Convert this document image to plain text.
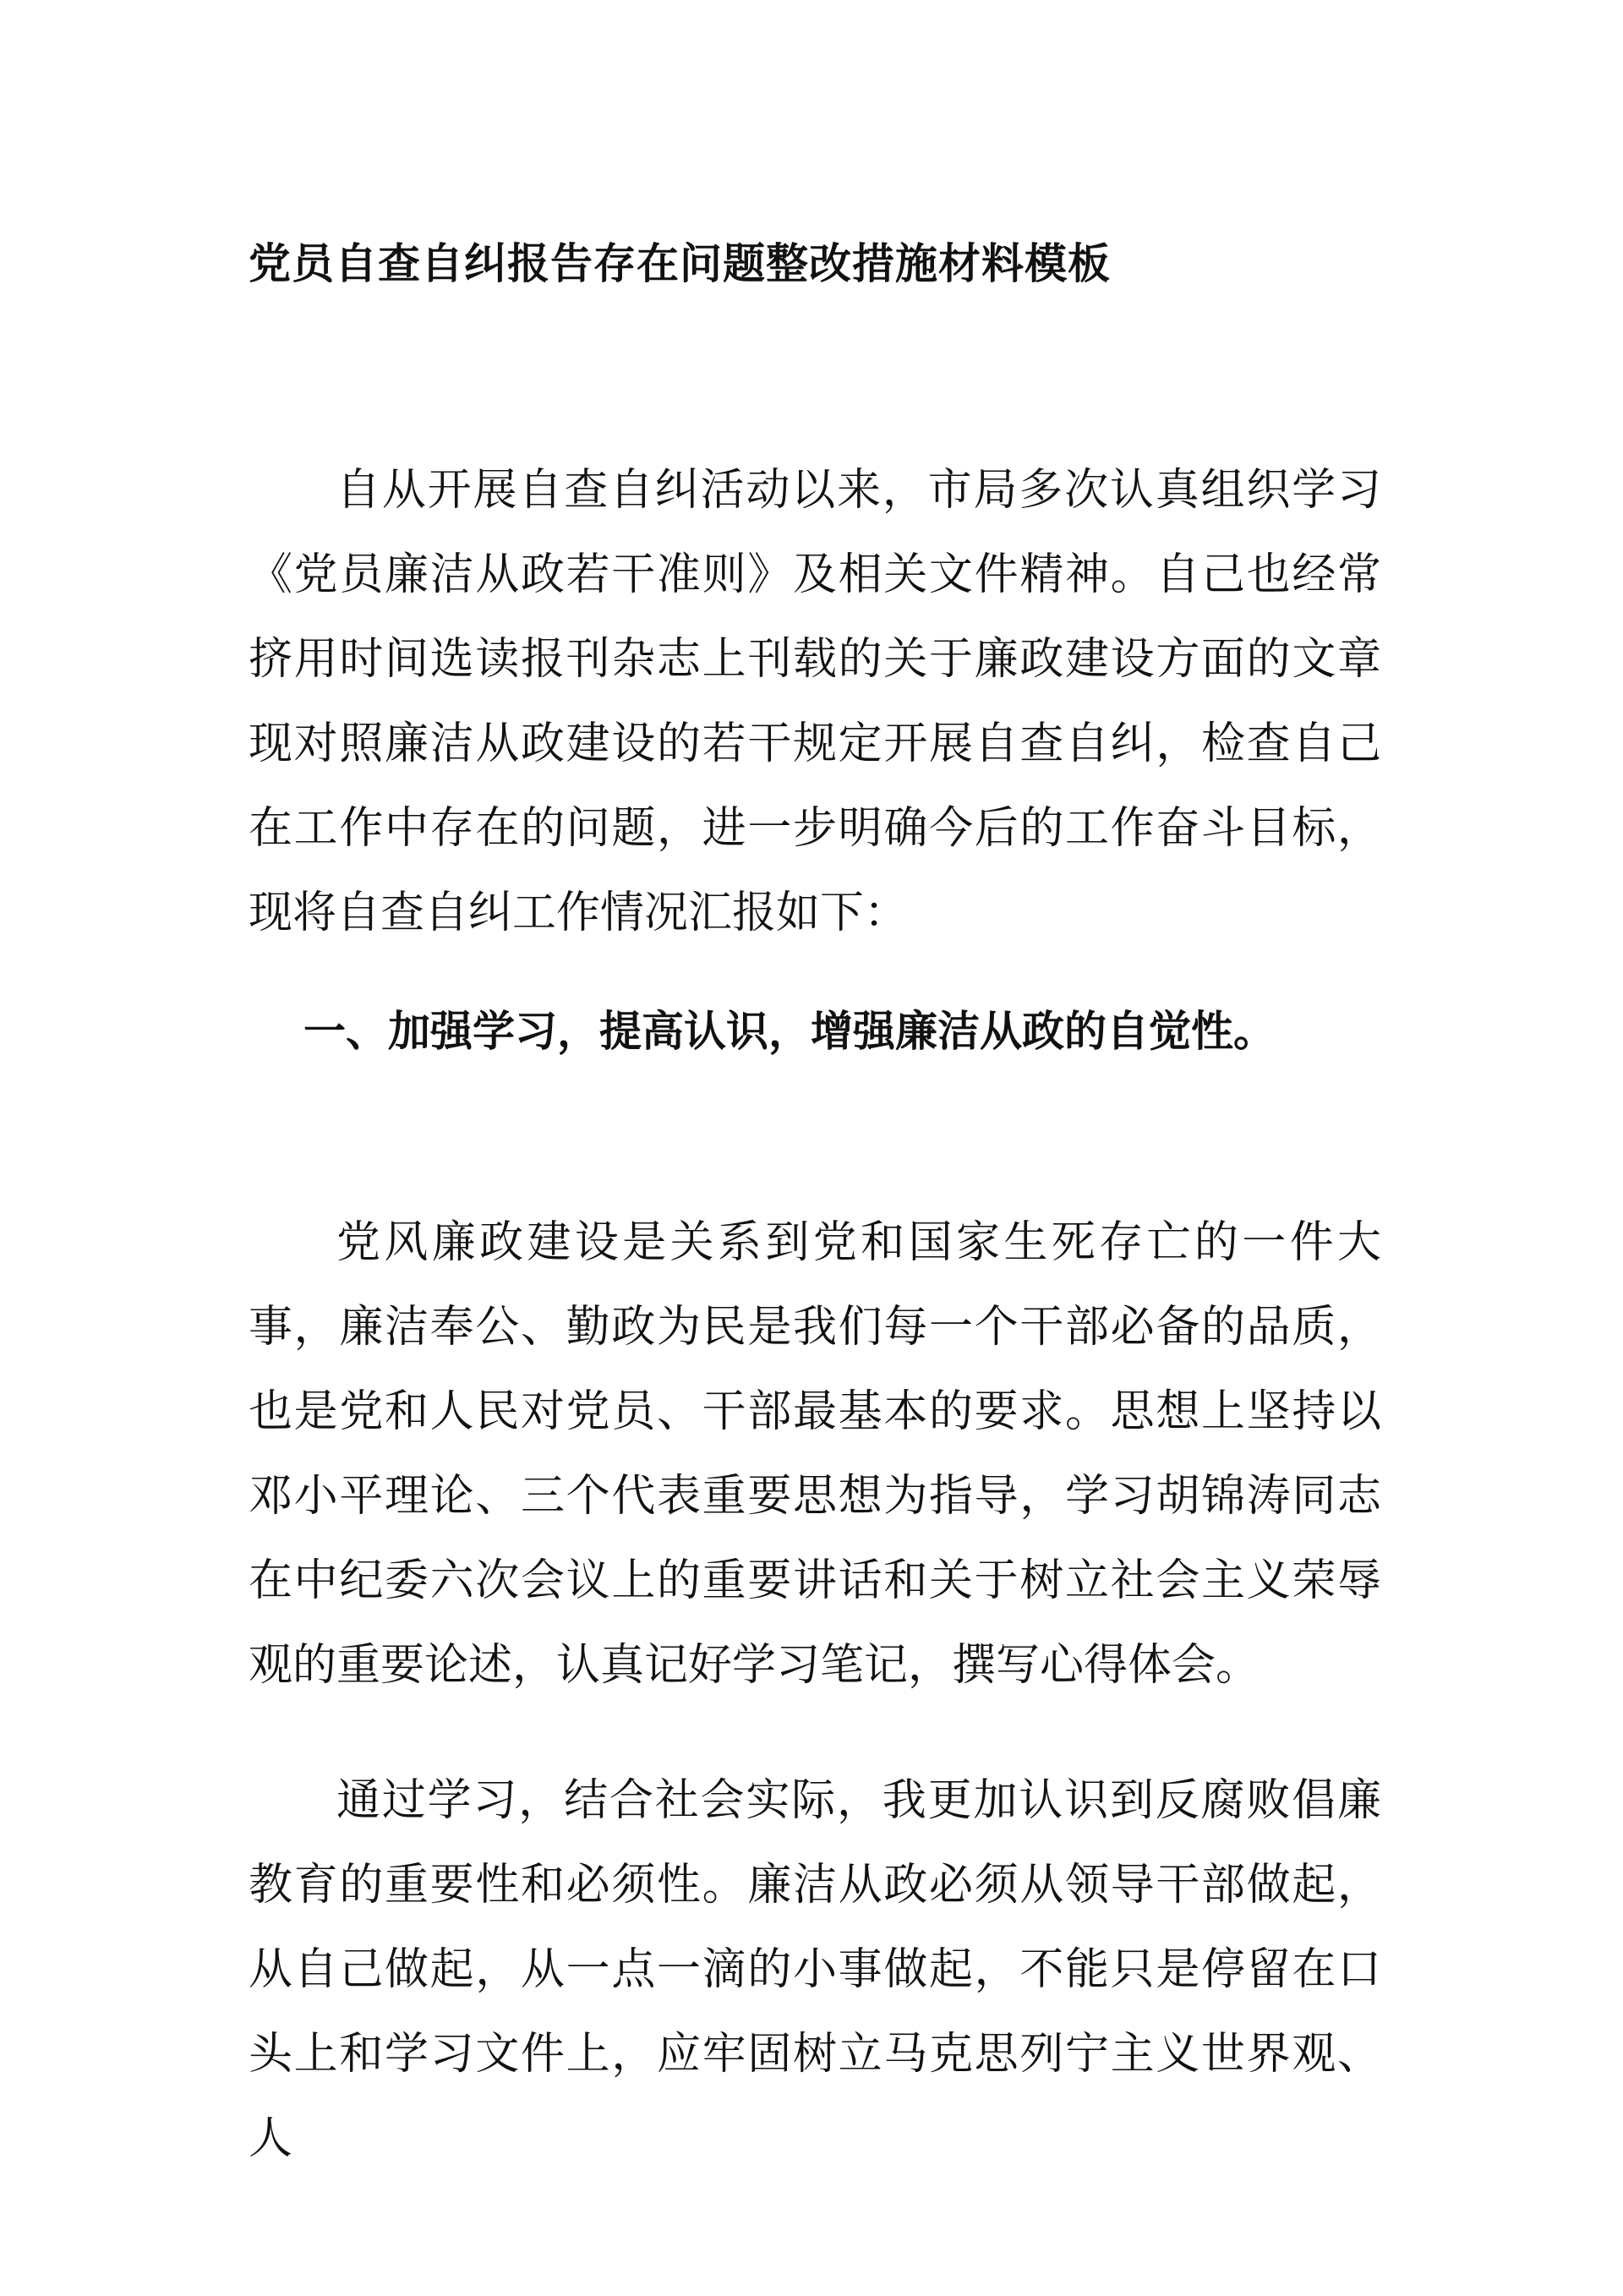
党员自查自纠报告存在问题整改措施材料模板
自从开展自查自纠活动以来，市局多次认真组织学习《党员廉洁从政若干准则》及相关文件精神。自己也经常挤用时间选读报刊杂志上刊载的关于廉政建设方面的文章现对照廉洁从政建设的若干规定开展自查自纠，检查自己在工作中存在的问题，进一步明确今后的工作奋斗目标，现将自查自纠工作情况汇报如下：
一、加强学习，提高认识，增强廉洁从政的自觉性。
党风廉政建设是关系到党和国家生死存亡的一件大事，廉洁奉公、勤政为民是我们每一个干部必备的品质，也是党和人民对党员、干部最基本的要求。思想上坚持以邓小平理论、三个代表重要思想为指导，学习胡锦涛同志在中纪委六次会议上的重要讲话和关于树立社会主义荣辱观的重要论述，认真记好学习笔记，撰写心得体会。
通过学习，结合社会实际，我更加认识到反腐败倡廉教育的重要性和必须性。廉洁从政必须从领导干部做起，从自己做起，从一点一滴的小事做起，不能只是停留在口头上和学习文件上，应牢固树立马克思列宁主义世界观、人
